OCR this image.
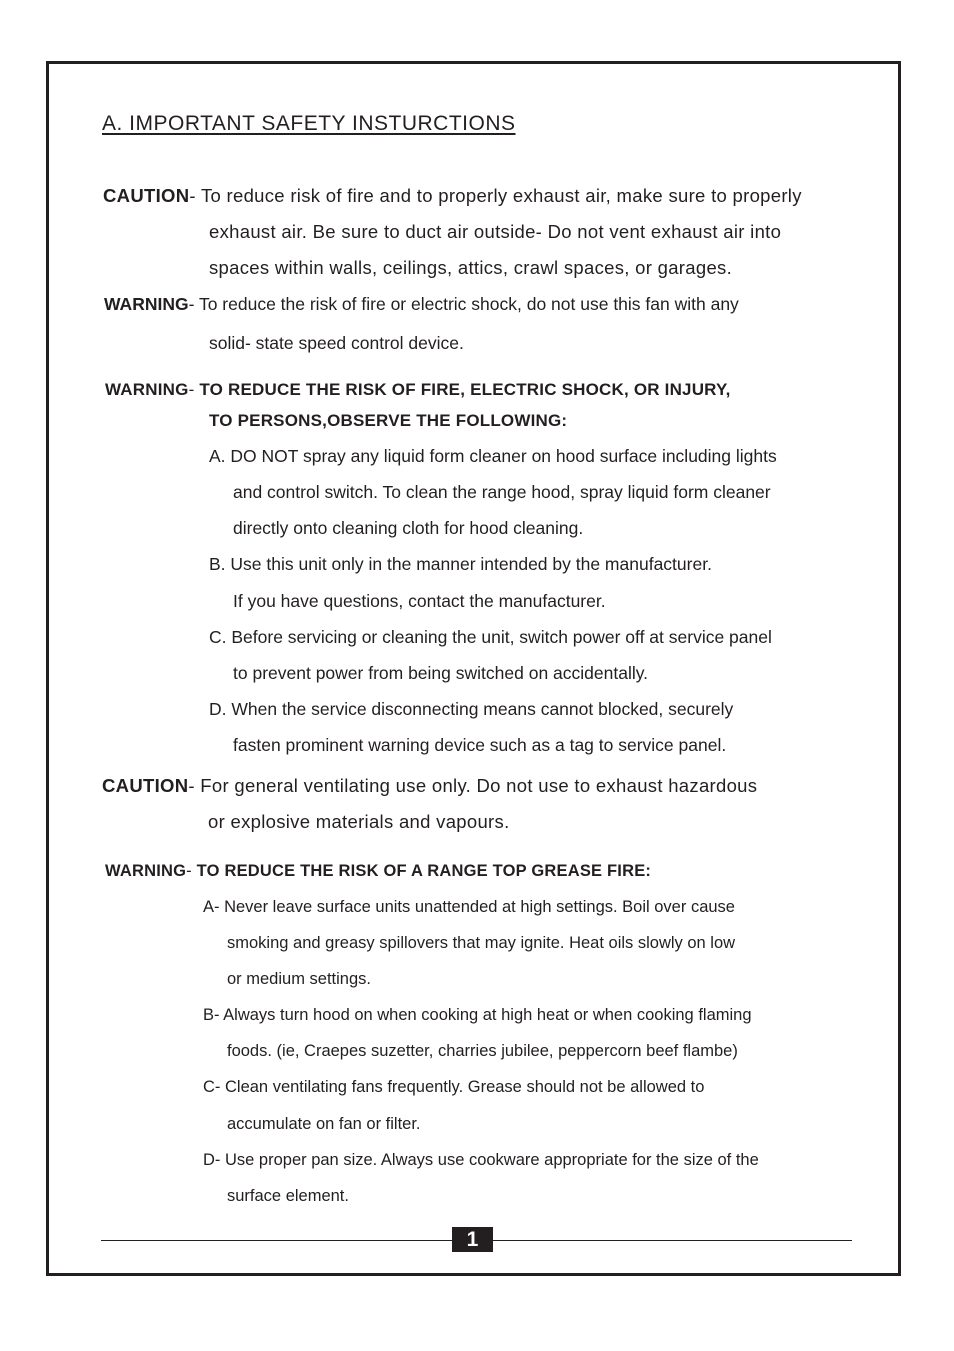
A. IMPORTANT SAFETY INSTURCTIONS
CAUTION- To reduce risk of fire and to properly exhaust air, make sure to properly
exhaust air. Be sure to duct air outside- Do not vent exhaust air into
spaces within walls, ceilings, attics, crawl spaces, or garages.
WARNING- To reduce the risk of fire or electric shock, do not use this fan with any
solid- state speed control device.
WARNING- TO REDUCE THE RISK OF FIRE, ELECTRIC SHOCK, OR INJURY,
TO PERSONS,OBSERVE THE FOLLOWING:
A. DO NOT spray any liquid form cleaner on hood surface including lights
and control switch. To clean the range hood, spray liquid form cleaner
directly onto cleaning cloth for hood cleaning.
B. Use this unit only in the manner intended by the manufacturer.
If you have questions, contact the manufacturer.
C. Before servicing or cleaning the unit, switch power off at service panel
to prevent power from being switched on accidentally.
D. When the service disconnecting means cannot blocked, securely
fasten prominent warning device such as a tag to service panel.
CAUTION- For general ventilating use only. Do not use to exhaust hazardous
or explosive materials and vapours.
WARNING- TO REDUCE THE RISK OF A RANGE TOP GREASE FIRE:
A- Never leave surface units unattended at high settings. Boil over cause
smoking and greasy spillovers that may ignite. Heat oils slowly on low
or medium settings.
B- Always turn hood on when cooking at high heat or when cooking flaming
foods. (ie, Craepes suzetter, charries jubilee, peppercorn beef flambe)
C- Clean ventilating fans frequently. Grease should not be allowed to
accumulate on fan or filter.
D- Use proper pan size. Always use cookware appropriate for the size of the
surface element.
1
